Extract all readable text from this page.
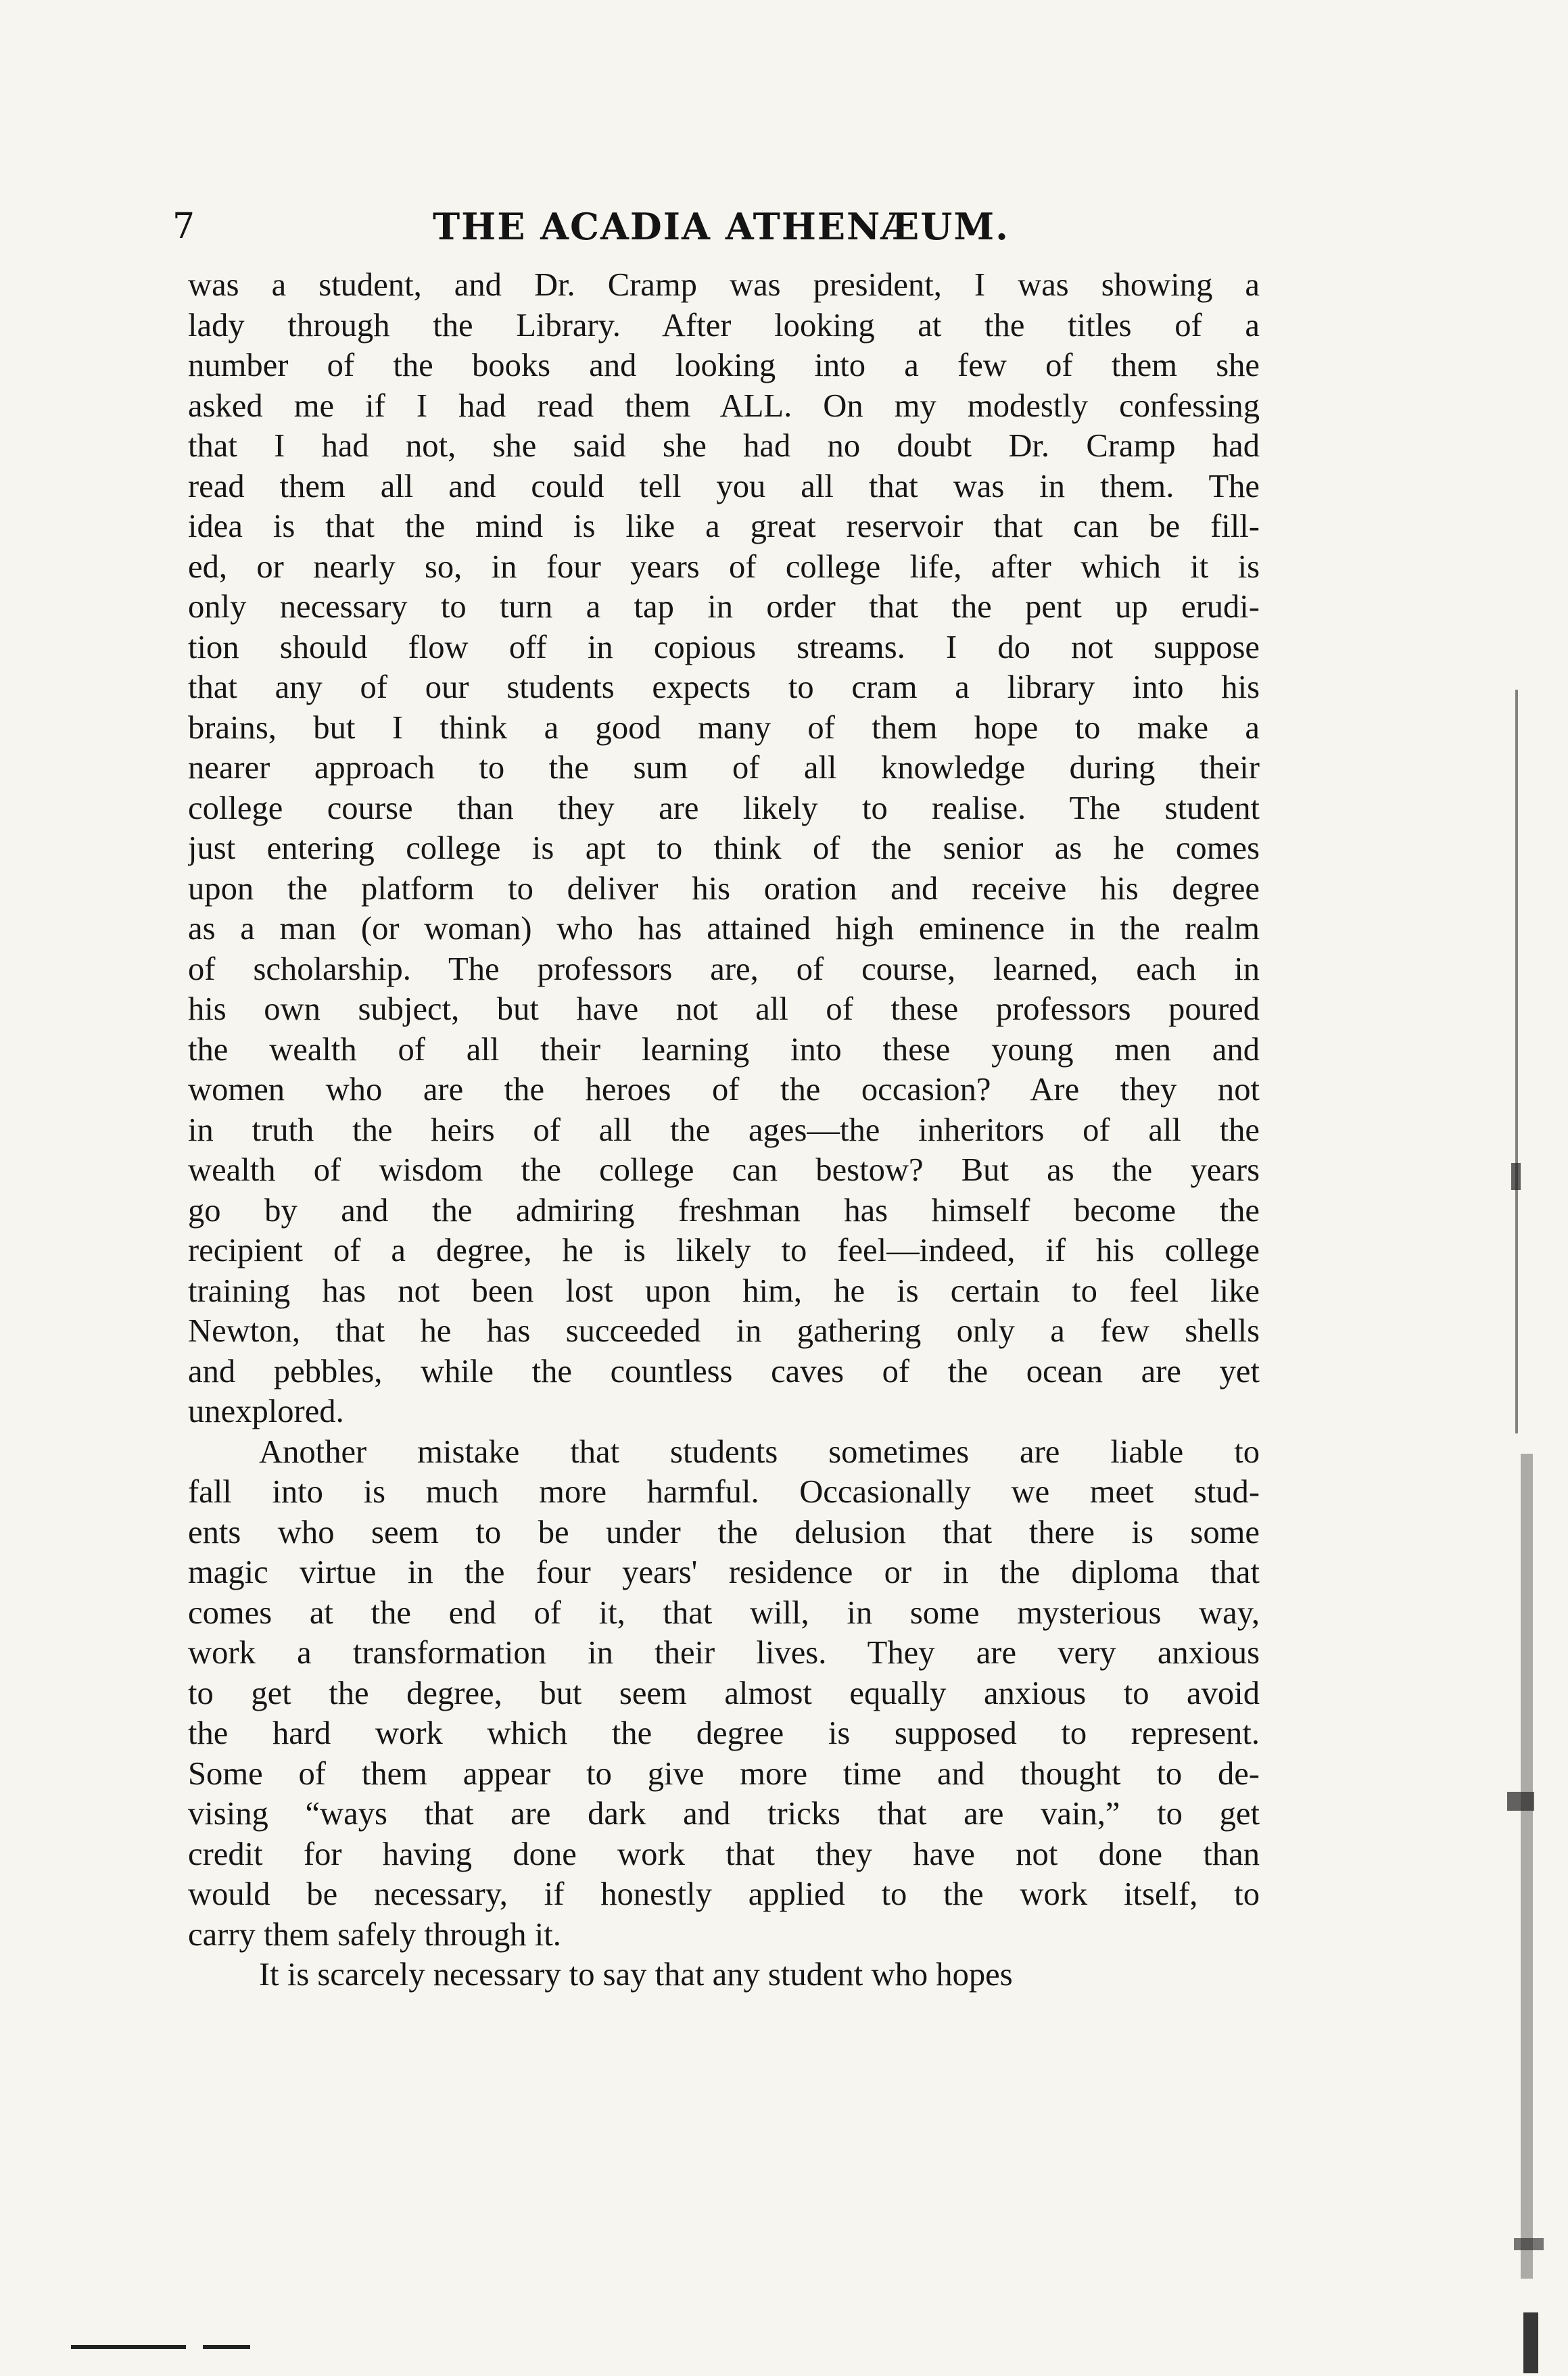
7	THE ACADIA ATHENÆUM.
was a student, and Dr. Cramp was president, I was showing a
lady through the Library. After looking at the titles of a
number of the books and looking into a few of them she
asked me if I had read them ALL. On my modestly confessing
that I had not, she said she had no doubt Dr. Cramp had
read them all and could tell you all that was in them. The
idea is that the mind is like a great reservoir that can be fill-
ed, or nearly so, in four years of college life, after which it is
only necessary to turn a tap in order that the pent up erudi-
tion should flow off in copious streams. I do not suppose
that any of our students expects to cram a library into his
brains, but I think a good many of them hope to make a
nearer approach to the sum of all knowledge during their
college course than they are likely to realise. The student
just entering college is apt to think of the senior as he comes
upon the platform to deliver his oration and receive his degree
as a man (or woman) who has attained high eminence in the realm
of scholarship. The professors are, of course, learned, each in
his own subject, but have not all of these professors poured
the wealth of all their learning into these young men and
women who are the heroes of the occasion? Are they not
in truth the heirs of all the ages—the inheritors of all the
wealth of wisdom the college can bestow? But as the years
go by and the admiring freshman has himself become the
recipient of a degree, he is likely to feel—indeed, if his college
training has not been lost upon him, he is certain to feel like
Newton, that he has succeeded in gathering only a few shells
and pebbles, while the countless caves of the ocean are yet
unexplored.
Another mistake that students sometimes are liable to
fall into is much more harmful. Occasionally we meet stud-
ents who seem to be under the delusion that there is some
magic virtue in the four years' residence or in the diploma that
comes at the end of it, that will, in some mysterious way,
work a transformation in their lives. They are very anxious
to get the degree, but seem almost equally anxious to avoid
the hard work which the degree is supposed to represent.
Some of them appear to give more time and thought to de-
vising “ways that are dark and tricks that are vain,” to get
credit for having done work that they have not done than
would be necessary, if honestly applied to the work itself, to
carry them safely through it.
It is scarcely necessary to say that any student who hopes
